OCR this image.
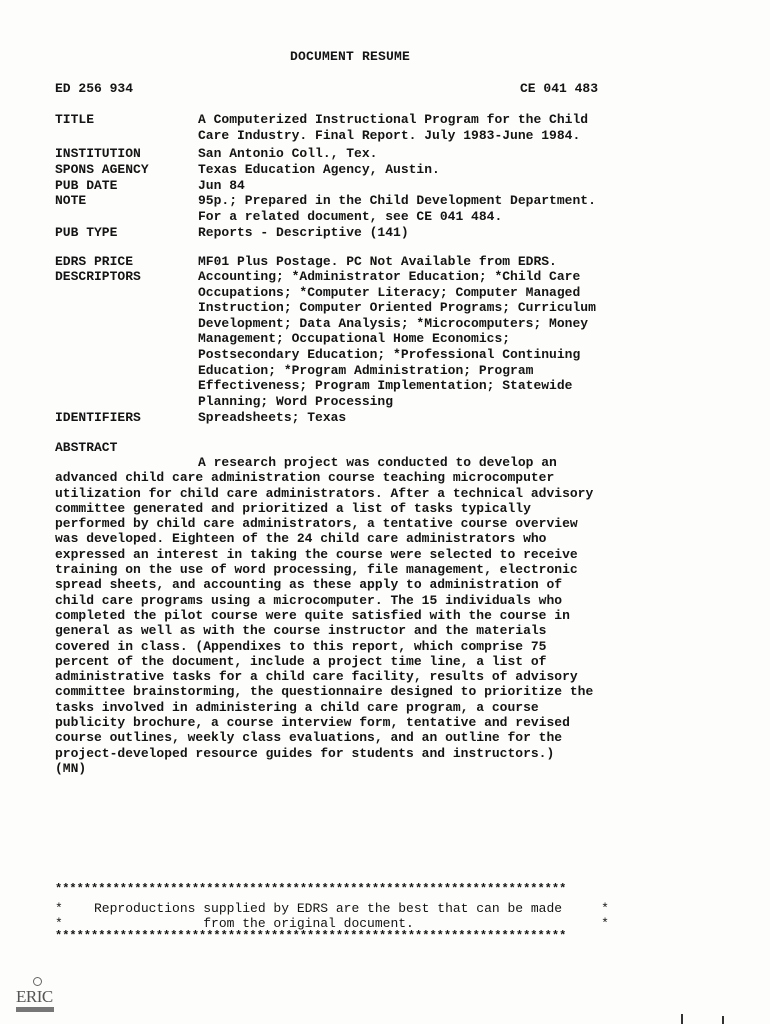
DOCUMENT RESUME
ED 256 934	CE 041 483
TITLE	A Computerized Instructional Program for the Child
Care Industry. Final Report. July 1983-June 1984.
INSTITUTION	San Antonio Coll., Tex.
SPONS AGENCY	Texas Education Agency, Austin.
PUB DATE	Jun 84
NOTE	95p.; Prepared in the Child Development Department.
For a related document, see CE 041 484.
PUB TYPE	Reports - Descriptive (141)
EDRS PRICE	MF01 Plus Postage. PC Not Available from EDRS.
DESCRIPTORS	Accounting; *Administrator Education; *Child Care
Occupations; *Computer Literacy; Computer Managed
Instruction; Computer Oriented Programs; Curriculum
Development; Data Analysis; *Microcomputers; Money
Management; Occupational Home Economics;
Postsecondary Education; *Professional Continuing
Education; *Program Administration; Program
Effectiveness; Program Implementation; Statewide
Planning; Word Processing
IDENTIFIERS	Spreadsheets; Texas
ABSTRACT
A research project was conducted to develop an
advanced child care administration course teaching microcomputer
utilization for child care administrators. After a technical advisory
committee generated and prioritized a list of tasks typically
performed by child care administrators, a tentative course overview
was developed. Eighteen of the 24 child care administrators who
expressed an interest in taking the course were selected to receive
training on the use of word processing, file management, electronic
spread sheets, and accounting as these apply to administration of
child care programs using a microcomputer. The 15 individuals who
completed the pilot course were quite satisfied with the course in
general as well as with the course instructor and the materials
covered in class. (Appendixes to this report, which comprise 75
percent of the document, include a project time line, a list of
administrative tasks for a child care facility, results of advisory
committee brainstorming, the questionnaire designed to prioritize the
tasks involved in administering a child care program, a course
publicity brochure, a course interview form, tentative and revised
course outlines, weekly class evaluations, and an outline for the
project-developed resource guides for students and instructors.)
(MN)
***********************************************************************
*    Reproductions supplied by EDRS are the best that can be made     *
*                  from the original document.                        *
***********************************************************************
ERIC
